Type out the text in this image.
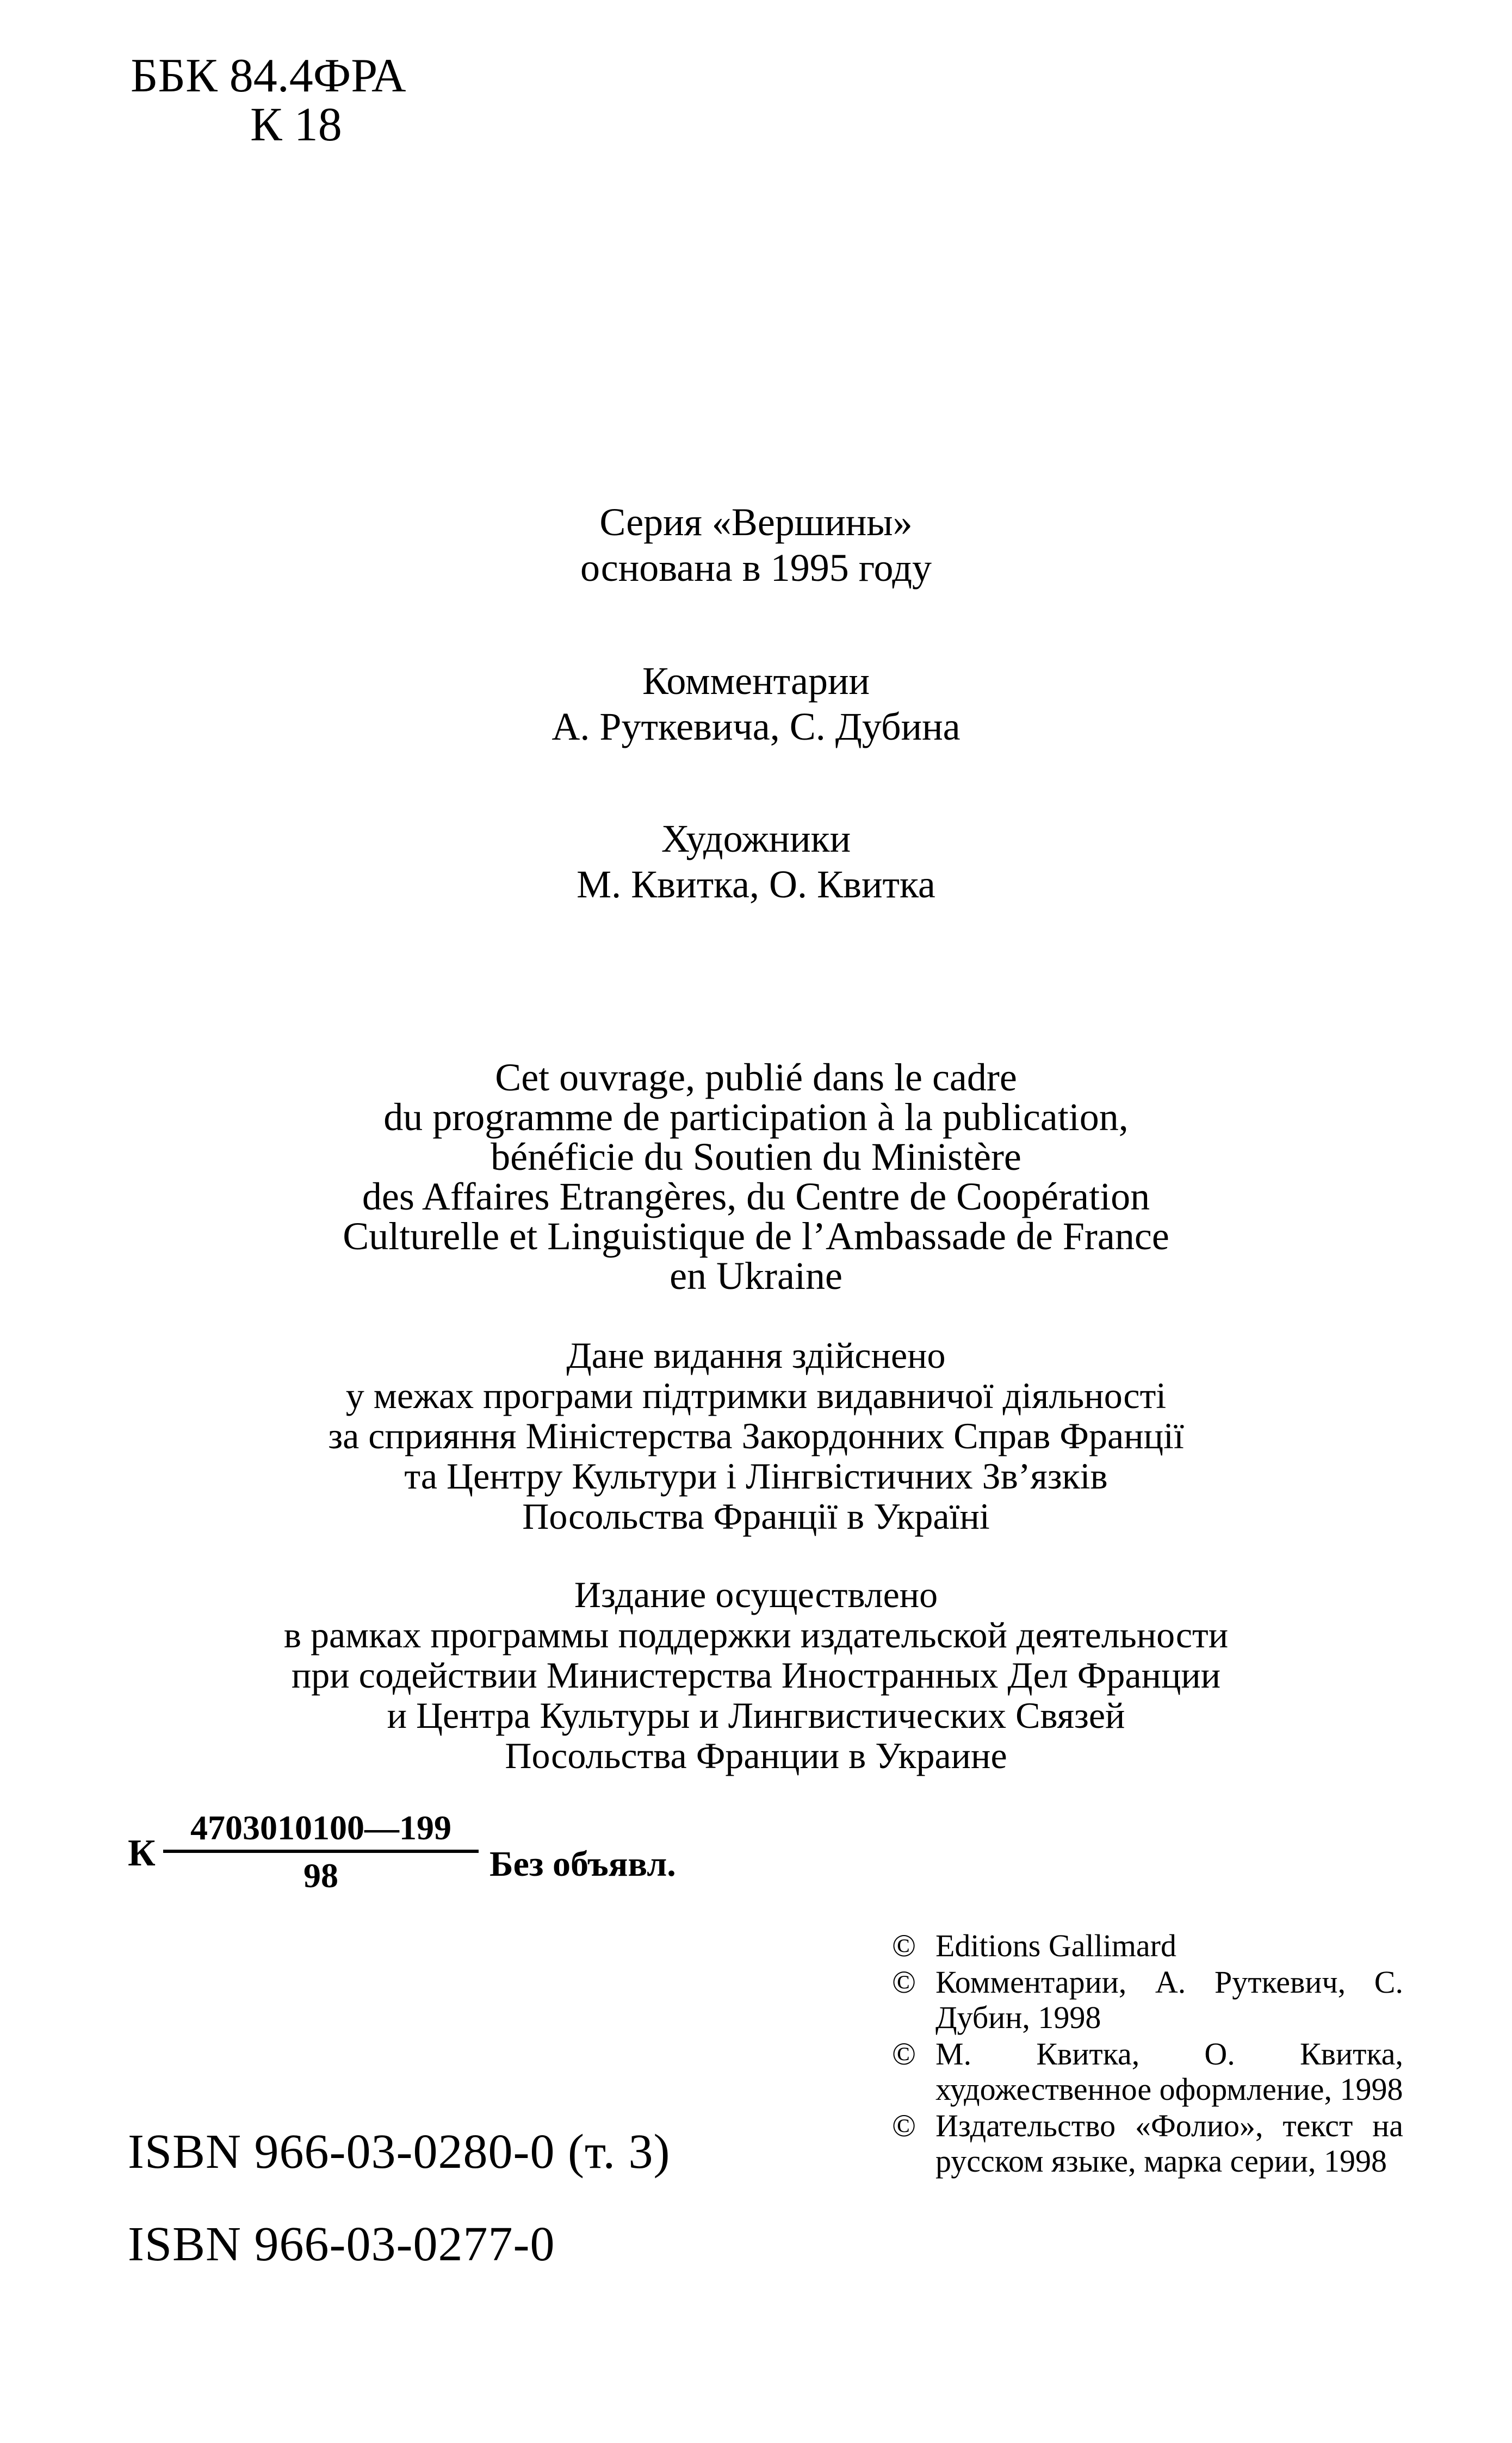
ББК 84.4ФРА
К 18
Серия «Вершины»
основана в 1995 году
Комментарии
А. Руткевича, С. Дубина
Художники
М. Квитка, О. Квитка
Cet ouvrage, publié dans le cadre
du programme de participation à la publication,
bénéficie du Soutien du Ministère
des Affaires Etrangères, du Centre de Coopération
Culturelle et Linguistique de l’Ambassade de France
en Ukraine
Дане видання здійснено
у межах програми підтримки видавничої діяльності
за сприяння Міністерства Закордонних Справ Франції
та Центру Культури і Лінгвістичних Зв’язків
Посольства Франції в Україні
Издание осуществлено
в рамках программы поддержки издательской деятельности
при содействии Министерства Иностранных Дел Франции
и Центра Культуры и Лингвистических Связей
Посольства Франции в Украине
К $\frac{4703010100—199}{98}$ Без объявл.
ISBN 966-03-0280-0 (т. 3)
ISBN 966-03-0277-0
© Editions Gallimard
© Комментарии, А. Руткевич, С. Дубин, 1998
© М. Квитка, О. Квитка, художественное оформление, 1998
© Издательство «Фолио», текст на русском языке, марка серии, 1998
